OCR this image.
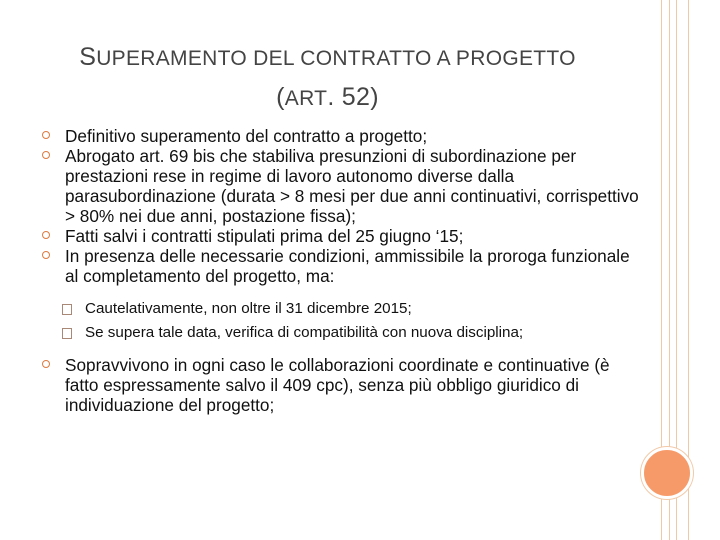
SUPERAMENTO DEL CONTRATTO A PROGETTO
(ART. 52)
Definitivo superamento del contratto a progetto;
Abrogato art. 69 bis che stabiliva presunzioni di subordinazione per prestazioni rese in regime di lavoro autonomo diverse dalla parasubordinazione (durata > 8 mesi per due anni continuativi, corrispettivo > 80% nei due anni, postazione fissa);
Fatti salvi i contratti stipulati prima del 25 giugno ‘15;
In presenza delle necessarie condizioni, ammissibile la proroga funzionale al completamento del progetto, ma:
Cautelativamente, non oltre il 31 dicembre 2015;
Se supera tale data, verifica di compatibilità con nuova disciplina;
Sopravvivono in ogni caso le collaborazioni coordinate e continuative (è fatto espressamente salvo il 409 cpc), senza più obbligo giuridico di individuazione del progetto;
